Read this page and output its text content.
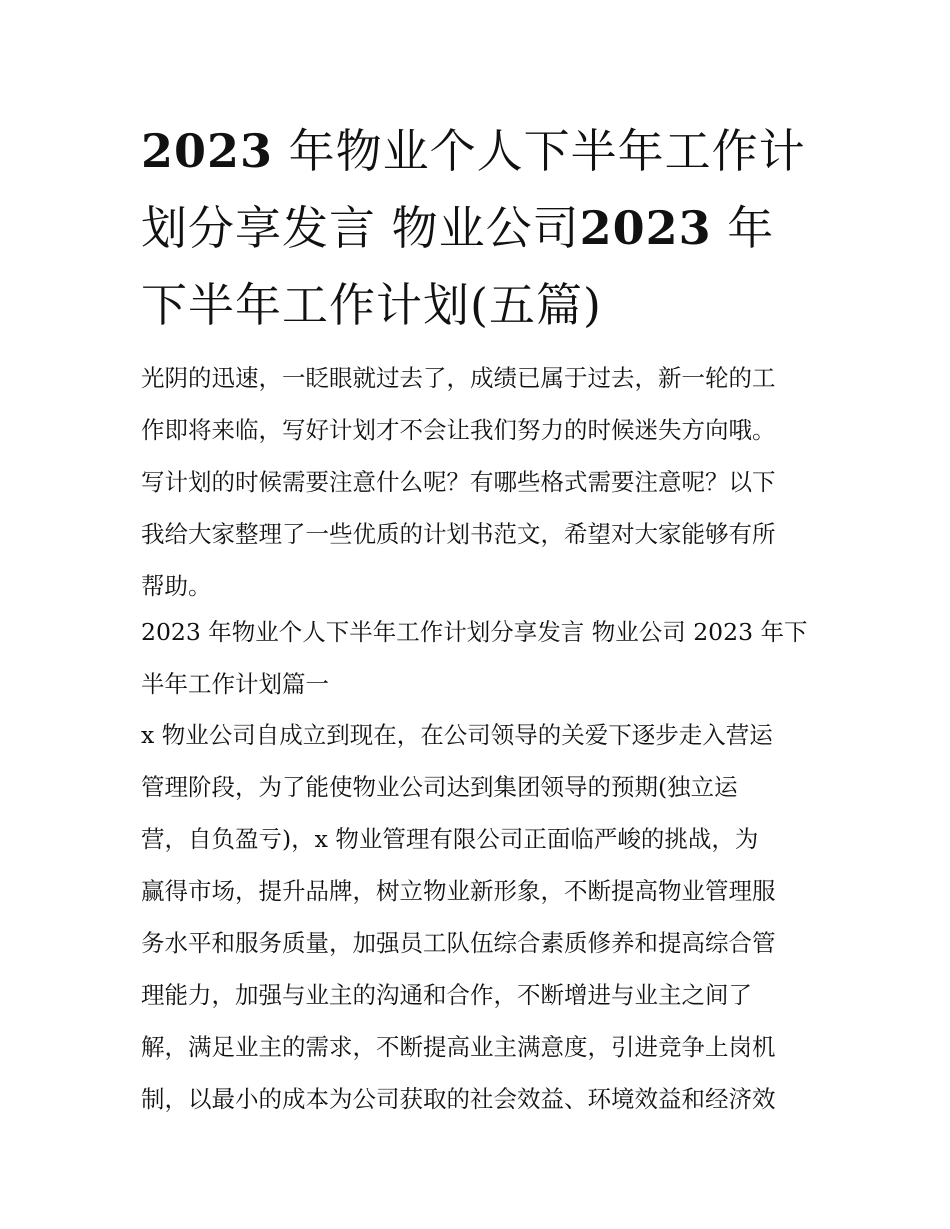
2023 年物业个人下半年工作计
划分享发言 物业公司2023 年
下半年工作计划(五篇)

光阴的迅速，一眨眼就过去了，成绩已属于过去，新一轮的工
作即将来临，写好计划才不会让我们努力的时候迷失方向哦。
写计划的时候需要注意什么呢？有哪些格式需要注意呢？以下
我给大家整理了一些优质的计划书范文，希望对大家能够有所
帮助。

2023 年物业个人下半年工作计划分享发言 物业公司 2023 年下
半年工作计划篇一

x 物业公司自成立到现在，在公司领导的关爱下逐步走入营运
管理阶段，为了能使物业公司达到集团领导的预期(独立运
营，自负盈亏)，x 物业管理有限公司正面临严峻的挑战，为
赢得市场，提升品牌，树立物业新形象，不断提高物业管理服
务水平和服务质量，加强员工队伍综合素质修养和提高综合管
理能力，加强与业主的沟通和合作，不断增进与业主之间了
解，满足业主的需求，不断提高业主满意度，引进竞争上岗机
制，以最小的成本为公司获取的社会效益、环境效益和经济效
